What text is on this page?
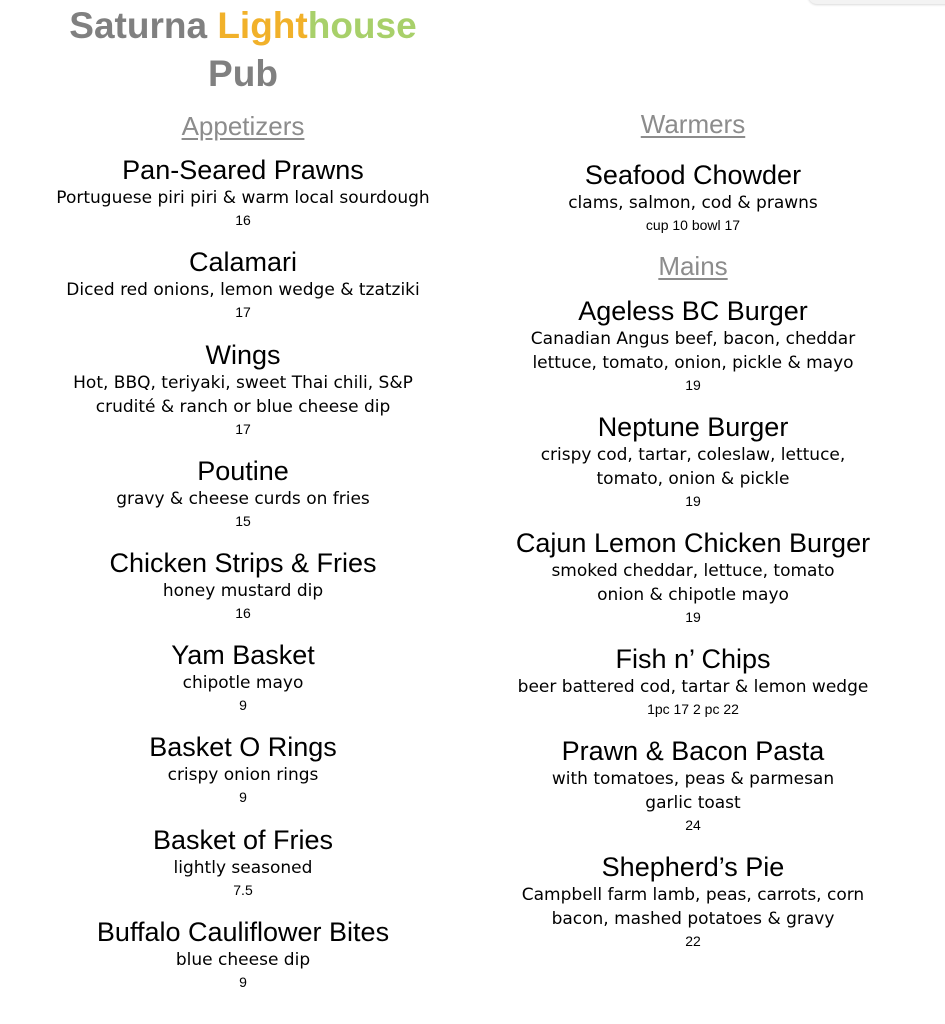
Saturna Lighthouse
Pub
Appetizers
Pan-Seared Prawns
Portuguese piri piri & warm local sourdough
16
Calamari
Diced red onions, lemon wedge & tzatziki
17
Wings
Hot, BBQ, teriyaki, sweet Thai chili, S&P
crudité & ranch or blue cheese dip
17
Poutine
gravy & cheese curds on fries
15
Chicken Strips & Fries
honey mustard dip
16
Yam Basket
chipotle mayo
9
Basket O Rings
crispy onion rings
9
Basket of Fries
lightly seasoned
7.5
Buffalo Cauliflower Bites
blue cheese dip
9
Warmers
Seafood Chowder
clams, salmon, cod & prawns
cup 10 bowl 17
Mains
Ageless BC Burger
Canadian Angus beef, bacon, cheddar
lettuce, tomato, onion, pickle & mayo
19
Neptune Burger
crispy cod, tartar, coleslaw, lettuce,
tomato, onion & pickle
19
Cajun Lemon Chicken Burger
smoked cheddar, lettuce, tomato
onion & chipotle mayo
19
Fish n’ Chips
beer battered cod, tartar & lemon wedge
1pc 17 2 pc 22
Prawn & Bacon Pasta
with tomatoes, peas & parmesan
garlic toast
24
Shepherd’s Pie
Campbell farm lamb, peas, carrots, corn
bacon, mashed potatoes & gravy
22
